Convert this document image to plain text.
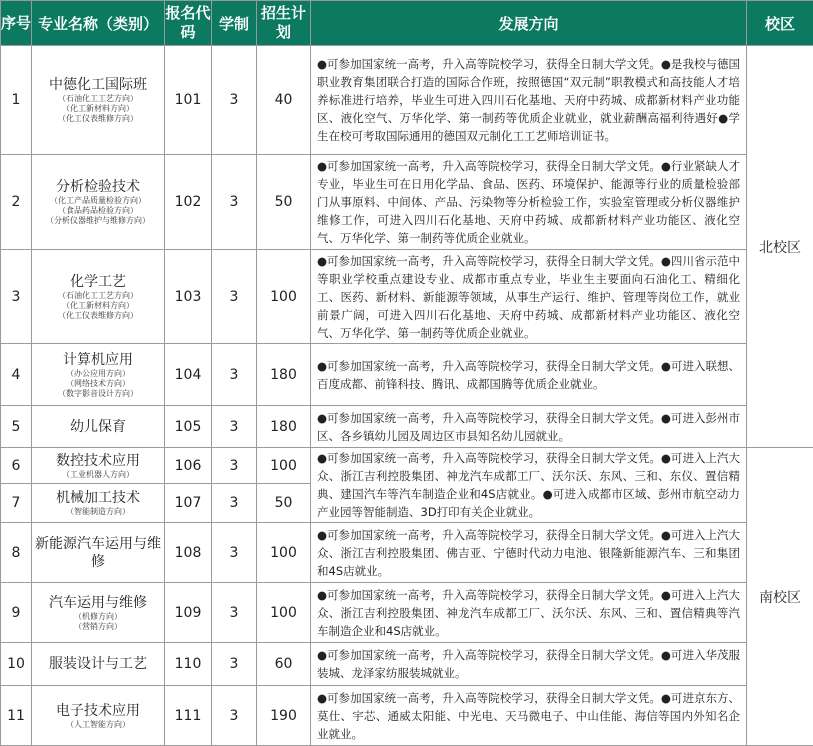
序号	专业名称（类别）	报名代码	学制	招生计划	发展方向	校区
1	中德化工国际班
（石油化工工艺方向）
（化工新材料方向）
（化工仪表维修方向）	101	3	40	●可参加国家统一高考，升入高等院校学习，获得全日制大学文凭。●是我校与德国职业教育集团联合打造的国际合作班，按照德国“双元制”职教模式和高技能人才培养标准进行培养，毕业生可进入四川石化基地、天府中药城、成都新材料产业功能区、液化空气、万华化学、第一制药等优质企业就业，就业薪酬高福利待遇好●学生在校可考取国际通用的德国双元制化工工艺师培训证书。	北校区
2	分析检验技术
（化工产品质量检验方向）
（食品药品检验方向）
（分析仪器维护与维修方向）	102	3	50	●可参加国家统一高考，升入高等院校学习，获得全日制大学文凭。●行业紧缺人才专业，毕业生可在日用化学品、食品、医药、环境保护、能源等行业的质量检验部门从事原料、中间体、产品、污染物等分析检验工作，实验室管理或分析仪器维护维修工作，可进入四川石化基地、天府中药城、成都新材料产业功能区、液化空气、万华化学、第一制药等优质企业就业。	
3	化学工艺
（石油化工工艺方向）
（化工新材料方向）
（化工仪表维修方向）	103	3	100	●可参加国家统一高考，升入高等院校学习，获得全日制大学文凭。●四川省示范中等职业学校重点建设专业、成都市重点专业，毕业生主要面向石油化工、精细化工、医药、新材料、新能源等领域，从事生产运行、维护、管理等岗位工作，就业前景广阔，可进入四川石化基地、天府中药城、成都新材料产业功能区、液化空气、万华化学、第一制药等优质企业就业。	
4	计算机应用
（办公应用方向）
（网络技术方向）
（数字影音设计方向）	104	3	180	●可参加国家统一高考，升入高等院校学习，获得全日制大学文凭。●可进入联想、百度成都、前锋科技、腾讯、成都国腾等优质企业就业。	
5	幼儿保育	105	3	180	●可参加国家统一高考，升入高等院校学习，获得全日制大学文凭。●可进入彭州市区、各乡镇幼儿园及周边区市县知名幼儿园就业。	
6	数控技术应用
（工业机器人方向）	106	3	100	●可参加国家统一高考，升入高等院校学习，获得全日制大学文凭。●可进入上汽大众、浙江吉利控股集团、神龙汽车成都工厂、沃尔沃、东风、三和、东仪、置信精典、建国汽车等汽车制造企业和4S店就业。●可进入成都市区域、彭州市航空动力产业园等智能制造、3D打印有关企业就业。	南校区
7	机械加工技术
（智能制造方向）	107	3	50		
8	新能源汽车运用与维修	108	3	100	●可参加国家统一高考，升入高等院校学习，获得全日制大学文凭。●可进入上汽大众、浙江吉利控股集团、佛吉亚、宁德时代动力电池、银隆新能源汽车、三和集团和4S店就业。	
9	汽车运用与维修
（机修方向）
（营销方向）	109	3	100	●可参加国家统一高考，升入高等院校学习，获得全日制大学文凭。●可进入上汽大众、浙江吉利控股集团、神龙汽车成都工厂、沃尔沃、东风、三和、置信精典等汽车制造企业和4S店就业。	
10	服装设计与工艺	110	3	60	●可参加国家统一高考，升入高等院校学习，获得全日制大学文凭。●可进入华茂服装城、龙泽家纺服装城就业。	
11	电子技术应用
（人工智能方向）	111	3	190	●可参加国家统一高考，升入高等院校学习，获得全日制大学文凭。●可进京东方、莫仕、宇芯、通威太阳能、中光电、天马微电子、中山佳能、海信等国内外知名企业就业。	
